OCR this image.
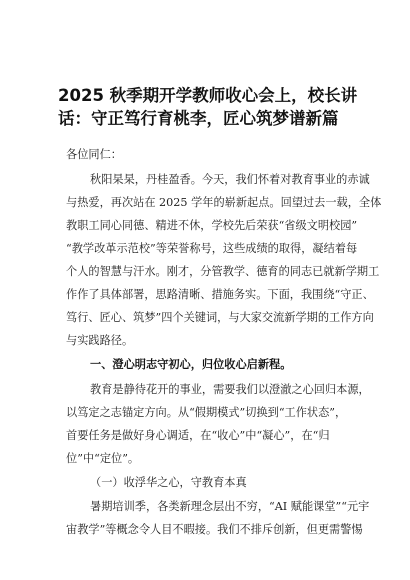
2025 秋季期开学教师收心会上，校长讲
话：守正笃行育桃李，匠心筑梦谱新篇

各位同仁：

秋阳杲杲，丹桂盈香。今天，我们怀着对教育事业的赤诚

与热爱，再次站在 2025 学年的崭新起点。回望过去一载，全体

教职工同心同德、精进不休，学校先后荣获“省级文明校园”

“教学改革示范校”等荣誉称号，这些成绩的取得，凝结着每

个人的智慧与汗水。刚才，分管教学、德育的同志已就新学期工

作作了具体部署，思路清晰、措施务实。下面，我围绕“守正、

笃行、匠心、筑梦”四个关键词，与大家交流新学期的工作方向

与实践路径。

一、澄心明志守初心，归位收心启新程。

教育是静待花开的事业，需要我们以澄澈之心回归本源，

以笃定之志锚定方向。从“假期模式”切换到“工作状态”，

首要任务是做好身心调适，在“收心”中“凝心”，在“归

位”中“定位”。

（一）收浮华之心，守教育本真

暑期培训季，各类新理念层出不穷，“AI 赋能课堂”“元宇

宙教学”等概念令人目不暇接。我们不排斥创新，但更需警惕
